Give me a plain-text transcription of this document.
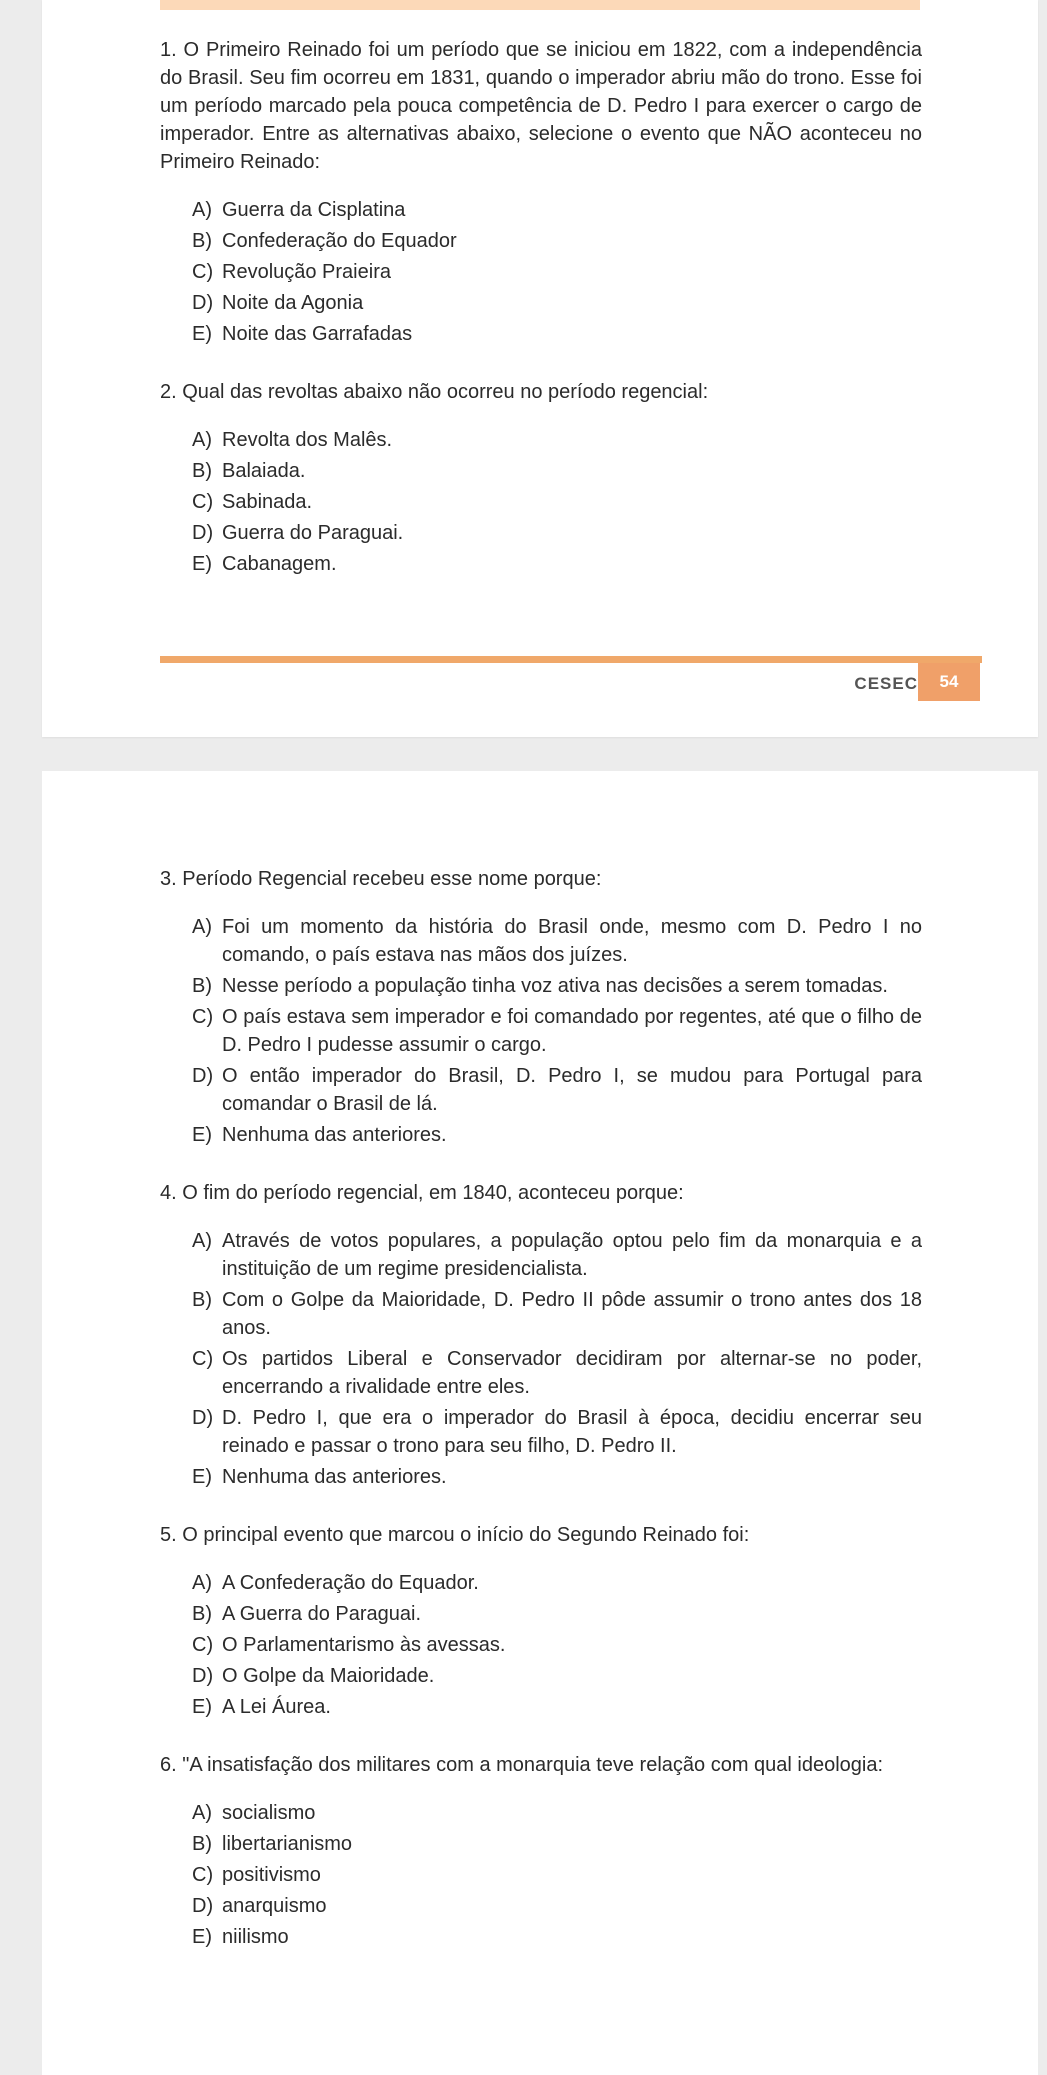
1. O Primeiro Reinado foi um período que se iniciou em 1822, com a independência do Brasil. Seu fim ocorreu em 1831, quando o imperador abriu mão do trono. Esse foi um período marcado pela pouca competência de D. Pedro I para exercer o cargo de imperador. Entre as alternativas abaixo, selecione o evento que NÃO aconteceu no Primeiro Reinado:

A) Guerra da Cisplatina
B) Confederação do Equador
C) Revolução Praieira
D) Noite da Agonia
E) Noite das Garrafadas

2. Qual das revoltas abaixo não ocorreu no período regencial:

A) Revolta dos Malês.
B) Balaiada.
C) Sabinada.
D) Guerra do Paraguai.
E) Cabanagem.
CESEC	54

3. Período Regencial recebeu esse nome porque:

A) Foi um momento da história do Brasil onde, mesmo com D. Pedro I no comando, o país estava nas mãos dos juízes.
B) Nesse período a população tinha voz ativa nas decisões a serem tomadas.
C) O país estava sem imperador e foi comandado por regentes, até que o filho de D. Pedro I pudesse assumir o cargo.
D) O então imperador do Brasil, D. Pedro I, se mudou para Portugal para comandar o Brasil de lá.
E) Nenhuma das anteriores.

4. O fim do período regencial, em 1840, aconteceu porque:

A) Através de votos populares, a população optou pelo fim da monarquia e a instituição de um regime presidencialista.
B) Com o Golpe da Maioridade, D. Pedro II pôde assumir o trono antes dos 18 anos.
C) Os partidos Liberal e Conservador decidiram por alternar-se no poder, encerrando a rivalidade entre eles.
D) D. Pedro I, que era o imperador do Brasil à época, decidiu encerrar seu reinado e passar o trono para seu filho, D. Pedro II.
E) Nenhuma das anteriores.

5. O principal evento que marcou o início do Segundo Reinado foi:

A) A Confederação do Equador.
B) A Guerra do Paraguai.
C) O Parlamentarismo às avessas.
D) O Golpe da Maioridade.
E) A Lei Áurea.

6. "A insatisfação dos militares com a monarquia teve relação com qual ideologia:

A) socialismo
B) libertarianismo
C) positivismo
D) anarquismo
E) niilismo
